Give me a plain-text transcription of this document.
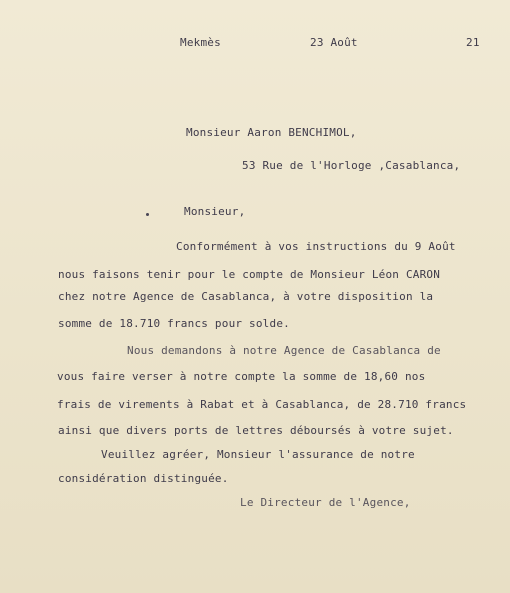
Mekmès	23 Août	21
Monsieur Aaron BENCHIMOL,
53 Rue de l'Horloge ,Casablanca,
Monsieur,
Conformément à vos instructions du 9 Août
nous faisons tenir pour le compte de Monsieur Léon CARON
chez notre Agence de Casablanca, à votre disposition la
somme de 18.710 francs pour solde.
Nous demandons à notre Agence de Casablanca de
vous faire verser à notre compte la somme de 18,60 nos
frais de virements à Rabat et à Casablanca, de 28.710 francs
ainsi que divers ports de lettres déboursés à votre sujet.
Veuillez agréer, Monsieur l'assurance de notre
considération distinguée.
Le Directeur de l'Agence,
